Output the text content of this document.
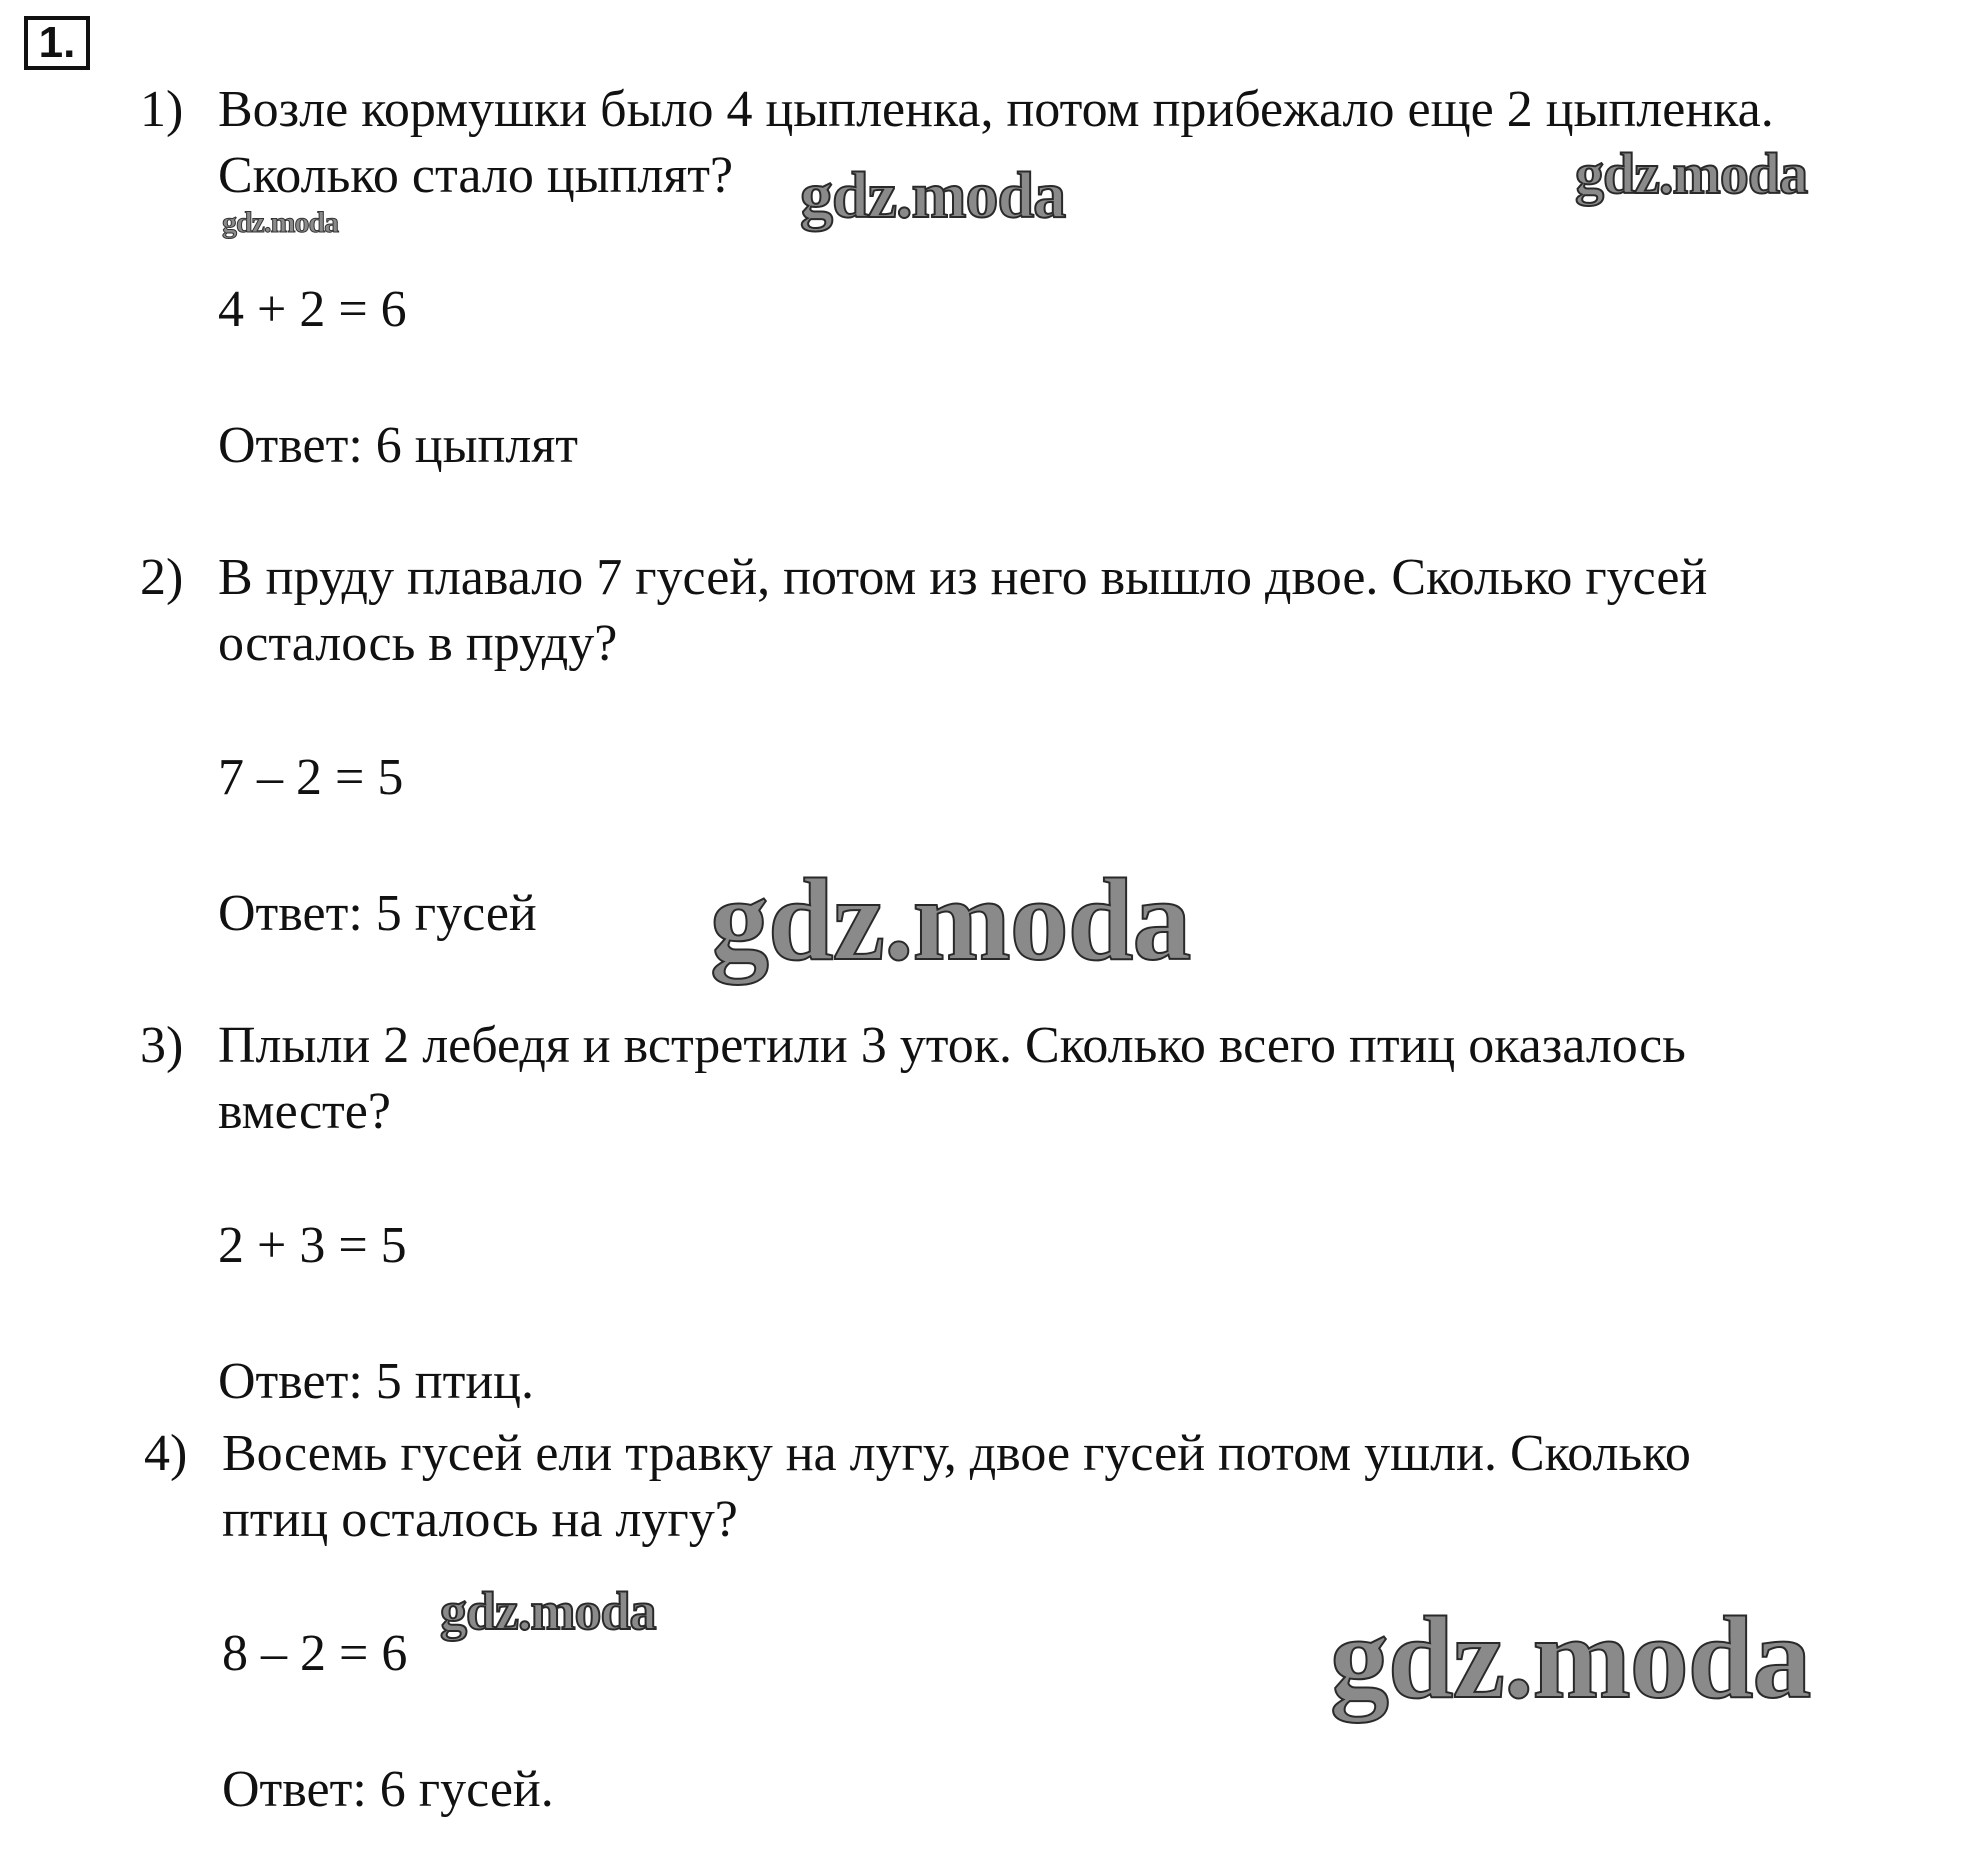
1.
1) Возле кормушки было 4 цыпленка, потом прибежало еще 2 цыпленка.
Сколько стало цыплят?
4 + 2 = 6
Ответ: 6 цыплят
2) В пруду плавало 7 гусей, потом из него вышло двое. Сколько гусей
осталось в пруду?
7 – 2 = 5
Ответ: 5 гусей
3) Плыли 2 лебедя и встретили 3 уток. Сколько всего птиц оказалось
вместе?
2 + 3 = 5
Ответ: 5 птиц.
4) Восемь гусей ели травку на лугу, двое гусей потом ушли. Сколько
птиц осталось на лугу?
8 – 2 = 6
Ответ: 6 гусей.
gdz.moda	gdz.moda
gdz.moda
gdz.moda
gdz.moda	gdz.moda
